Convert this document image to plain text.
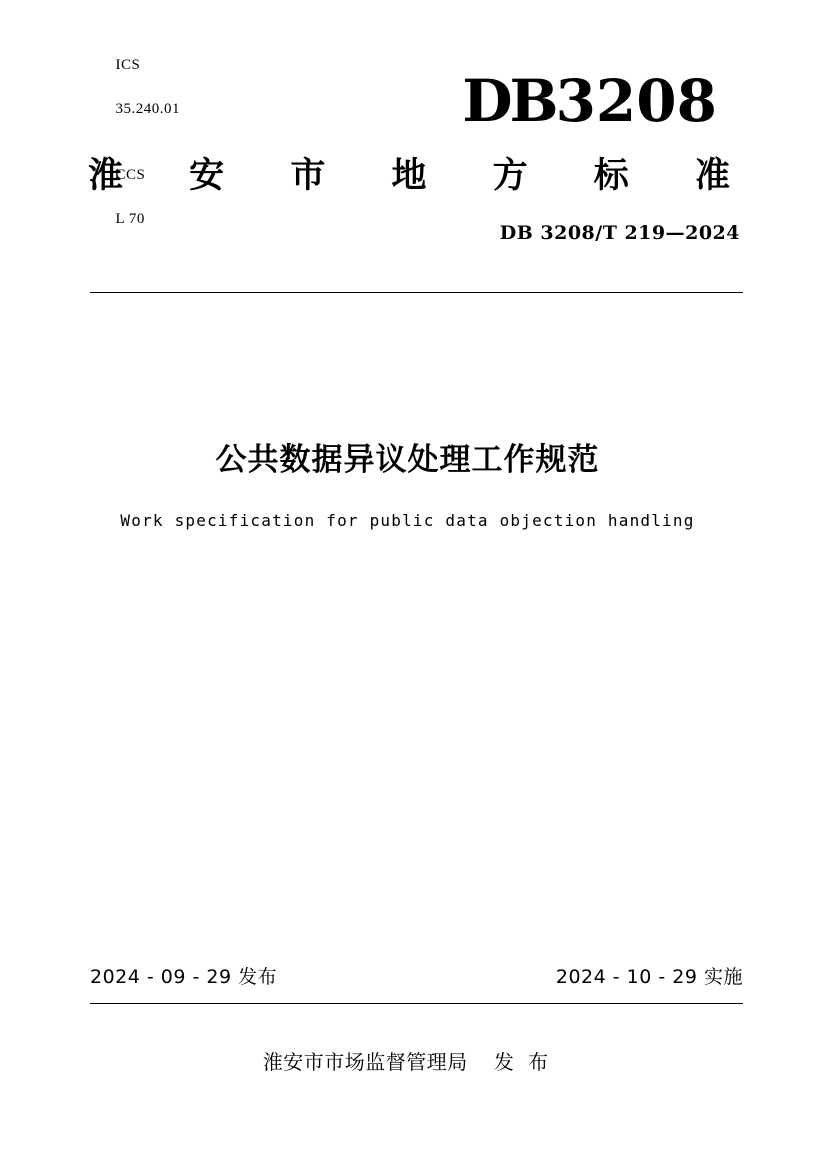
ICS

35.240.01

CCS

L 70

DB3208
淮 安 市 地 方 标 准
DB 3208/T 219—2024
公共数据异议处理工作规范
Work specification for public data objection handling
2024 - 09 - 29 发布	2024 - 10 - 29 实施
淮安市市场监督管理局 发 布
